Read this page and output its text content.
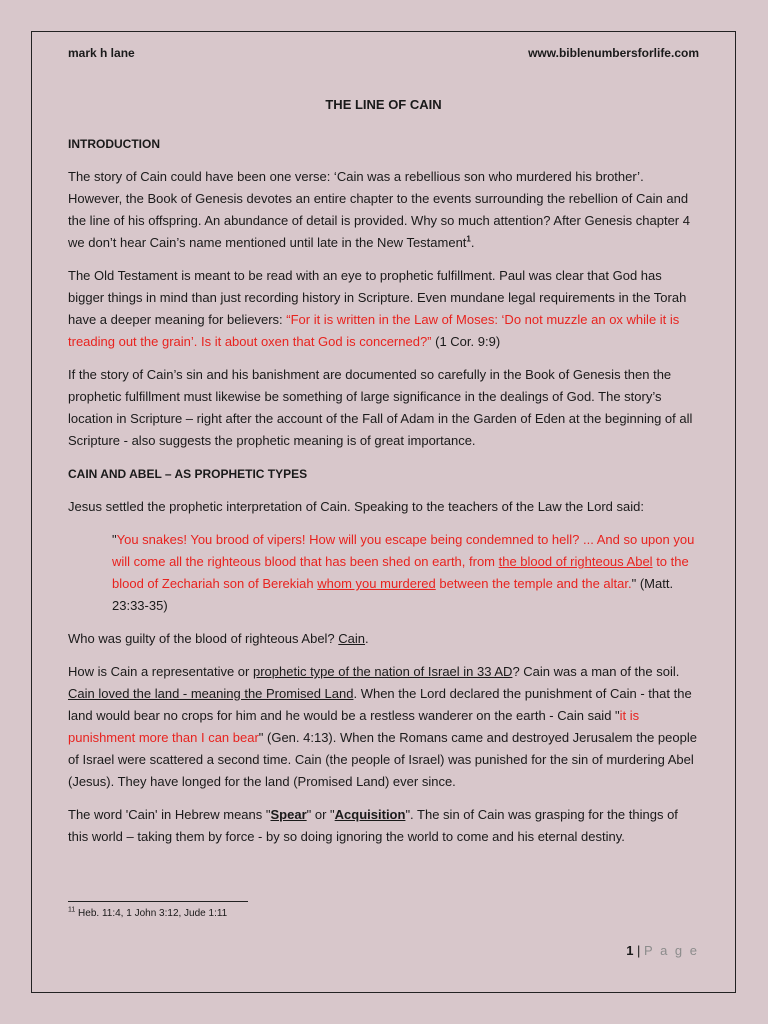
mark h lane	www.biblenumbersforlife.com
THE LINE OF CAIN

INTRODUCTION

The story of Cain could have been one verse: ‘Cain was a rebellious son who murdered his brother’. However, the Book of Genesis devotes an entire chapter to the events surrounding the rebellion of Cain and the line of his offspring. An abundance of detail is provided. Why so much attention? After Genesis chapter 4 we don’t hear Cain’s name mentioned until late in the New Testament$^1$.

The Old Testament is meant to be read with an eye to prophetic fulfillment. Paul was clear that God has bigger things in mind than just recording history in Scripture. Even mundane legal requirements in the Torah have a deeper meaning for believers: “For it is written in the Law of Moses: ‘Do not muzzle an ox while it is treading out the grain’. Is it about oxen that God is concerned?” (1 Cor. 9:9)

If the story of Cain’s sin and his banishment are documented so carefully in the Book of Genesis then the prophetic fulfillment must likewise be something of large significance in the dealings of God. The story’s location in Scripture – right after the account of the Fall of Adam in the Garden of Eden at the beginning of all Scripture - also suggests the prophetic meaning is of great importance.

CAIN AND ABEL – AS PROPHETIC TYPES

Jesus settled the prophetic interpretation of Cain. Speaking to the teachers of the Law the Lord said:

"You snakes! You brood of vipers! How will you escape being condemned to hell? ... And so upon you will come all the righteous blood that has been shed on earth, from the blood of righteous Abel to the blood of Zechariah son of Berekiah whom you murdered between the temple and the altar." (Matt. 23:33-35)

Who was guilty of the blood of righteous Abel? Cain.

How is Cain a representative or prophetic type of the nation of Israel in 33 AD? Cain was a man of the soil. Cain loved the land - meaning the Promised Land. When the Lord declared the punishment of Cain - that the land would bear no crops for him and he would be a restless wanderer on the earth - Cain said "it is punishment more than I can bear" (Gen. 4:13). When the Romans came and destroyed Jerusalem the people of Israel were scattered a second time. Cain (the people of Israel) was punished for the sin of murdering Abel (Jesus). They have longed for the land (Promised Land) ever since.

The word 'Cain' in Hebrew means "Spear" or "Acquisition". The sin of Cain was grasping for the things of this world – taking them by force - by so doing ignoring the world to come and his eternal destiny.

$^{11}$ Heb. 11:4, 1 John 3:12, Jude 1:11
1 | P a g e
